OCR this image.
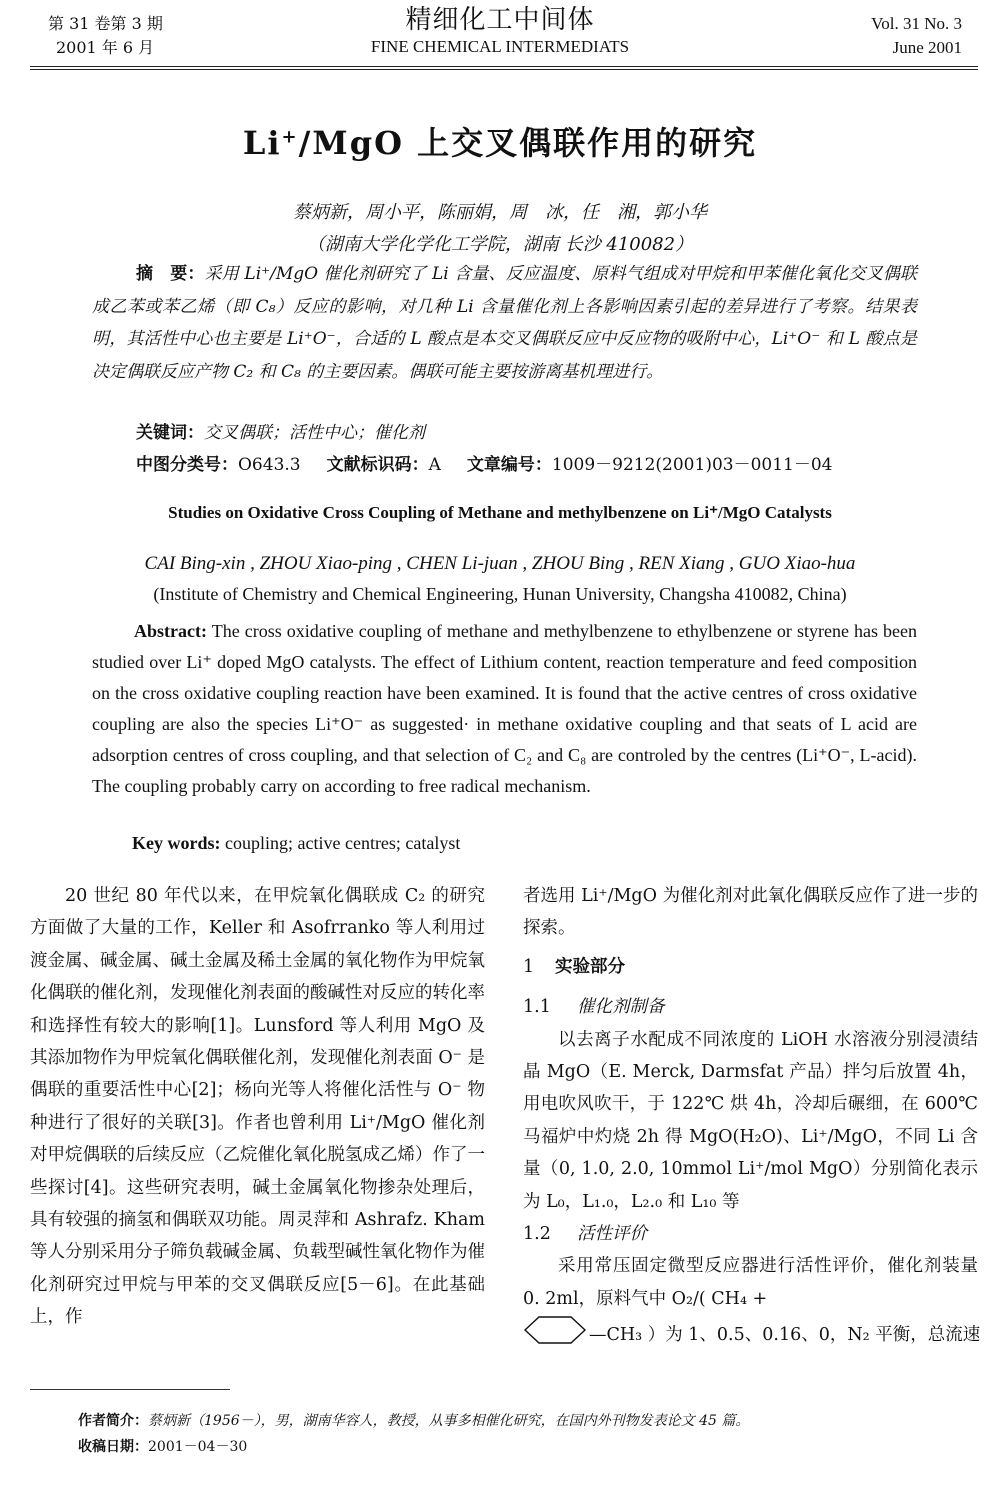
第 31 卷第 3 期
2001 年 6 月
精细化工中间体
FINE CHEMICAL INTERMEDIATS
Vol. 31 No. 3
June 2001
Li+/MgO 上交叉偶联作用的研究
蔡炳新，周小平，陈丽娟，周　冰，任　湘，郭小华
（湖南大学化学化工学院，湖南 长沙 410082）

摘　要：采用 Li⁺/MgO 催化剂研究了 Li 含量、反应温度、原料气组成对甲烷和甲苯催化氧化交叉偶联成乙苯或苯乙烯（即 C₈）反应的影响，对几种 Li 含量催化剂上各影响因素引起的差异进行了考察。结果表明，其活性中心也主要是 Li⁺O⁻，合适的 L 酸点是本交叉偶联反应中反应物的吸附中心，Li⁺O⁻ 和 L 酸点是决定偶联反应产物 C₂ 和 C₈ 的主要因素。偶联可能主要按游离基机理进行。

关键词：交叉偶联；活性中心；催化剂
中图分类号：O643.3 文献标识码：A 文章编号：1009－9212(2001)03－0011－04
Studies on Oxidative Cross Coupling of Methane and methylbenzene on Li⁺/MgO Catalysts
CAI Bing-xin , ZHOU Xiao-ping , CHEN Li-juan , ZHOU Bing , REN Xiang , GUO Xiao-hua
(Institute of Chemistry and Chemical Engineering, Hunan University, Changsha 410082, China)

Abstract: The cross oxidative coupling of methane and methylbenzene to ethylbenzene or styrene has been studied over Li⁺ doped MgO catalysts. The effect of Lithium content, reaction temperature and feed composition on the cross oxidative coupling reaction have been examined. It is found that the active centres of cross oxidative coupling are also the species Li⁺O⁻ as suggested· in methane oxidative coupling and that seats of L acid are adsorption centres of cross coupling, and that selection of C₂ and C₈ are controled by the centres (Li⁺O⁻, L-acid). The coupling probably carry on according to free radical mechanism.

Key words: coupling; active centres; catalyst

20 世纪 80 年代以来，在甲烷氧化偶联成 C₂ 的研究方面做了大量的工作，Keller 和 Asofrranko 等人利用过渡金属、碱金属、碱土金属及稀土金属的氧化物作为甲烷氧化偶联的催化剂，发现催化剂表面的酸碱性对反应的转化率和选择性有较大的影响[1]。Lunsford 等人利用 MgO 及其添加物作为甲烷氧化偶联催化剂，发现催化剂表面 O⁻ 是偶联的重要活性中心[2]；杨向光等人将催化活性与 O⁻ 物种进行了很好的关联[3]。作者也曾利用 Li⁺/MgO 催化剂对甲烷偶联的后续反应（乙烷催化氧化脱氢成乙烯）作了一些探讨[4]。这些研究表明，碱土金属氧化物掺杂处理后，具有较强的摘氢和偶联双功能。周灵萍和 Ashrafz. Kham 等人分别采用分子筛负载碱金属、负载型碱性氧化物作为催化剂研究过甲烷与甲苯的交叉偶联反应[5－6]。在此基础上，作

者选用 Li⁺/MgO 为催化剂对此氧化偶联反应作了进一步的探索。

1 实验部分

1.1 催化剂制备

以去离子水配成不同浓度的 LiOH 水溶液分别浸渍结晶 MgO（E. Merck, Darmsfat 产品）拌匀后放置 4h，用电吹风吹干，于 122℃ 烘 4h，冷却后碾细，在 600℃ 马福炉中灼烧 2h 得 MgO(H₂O)、Li⁺/MgO，不同 Li 含量（0, 1.0, 2.0, 10mmol Li⁺/mol MgO）分别简化表示为 L₀，L₁.₀，L₂.₀ 和 L₁₀ 等

1.2 活性评价

采用常压固定微型反应器进行活性评价，催化剂装量 0. 2ml，原料气中 O₂/( CH₄ +

—CH₃ ）为 1、0.5、0.16、0，N₂ 平衡，总流速

作者简介：蔡炳新（1956－），男，湖南华容人，教授，从事多相催化研究，在国内外刊物发表论文 45 篇。
收稿日期：2001－04－30
